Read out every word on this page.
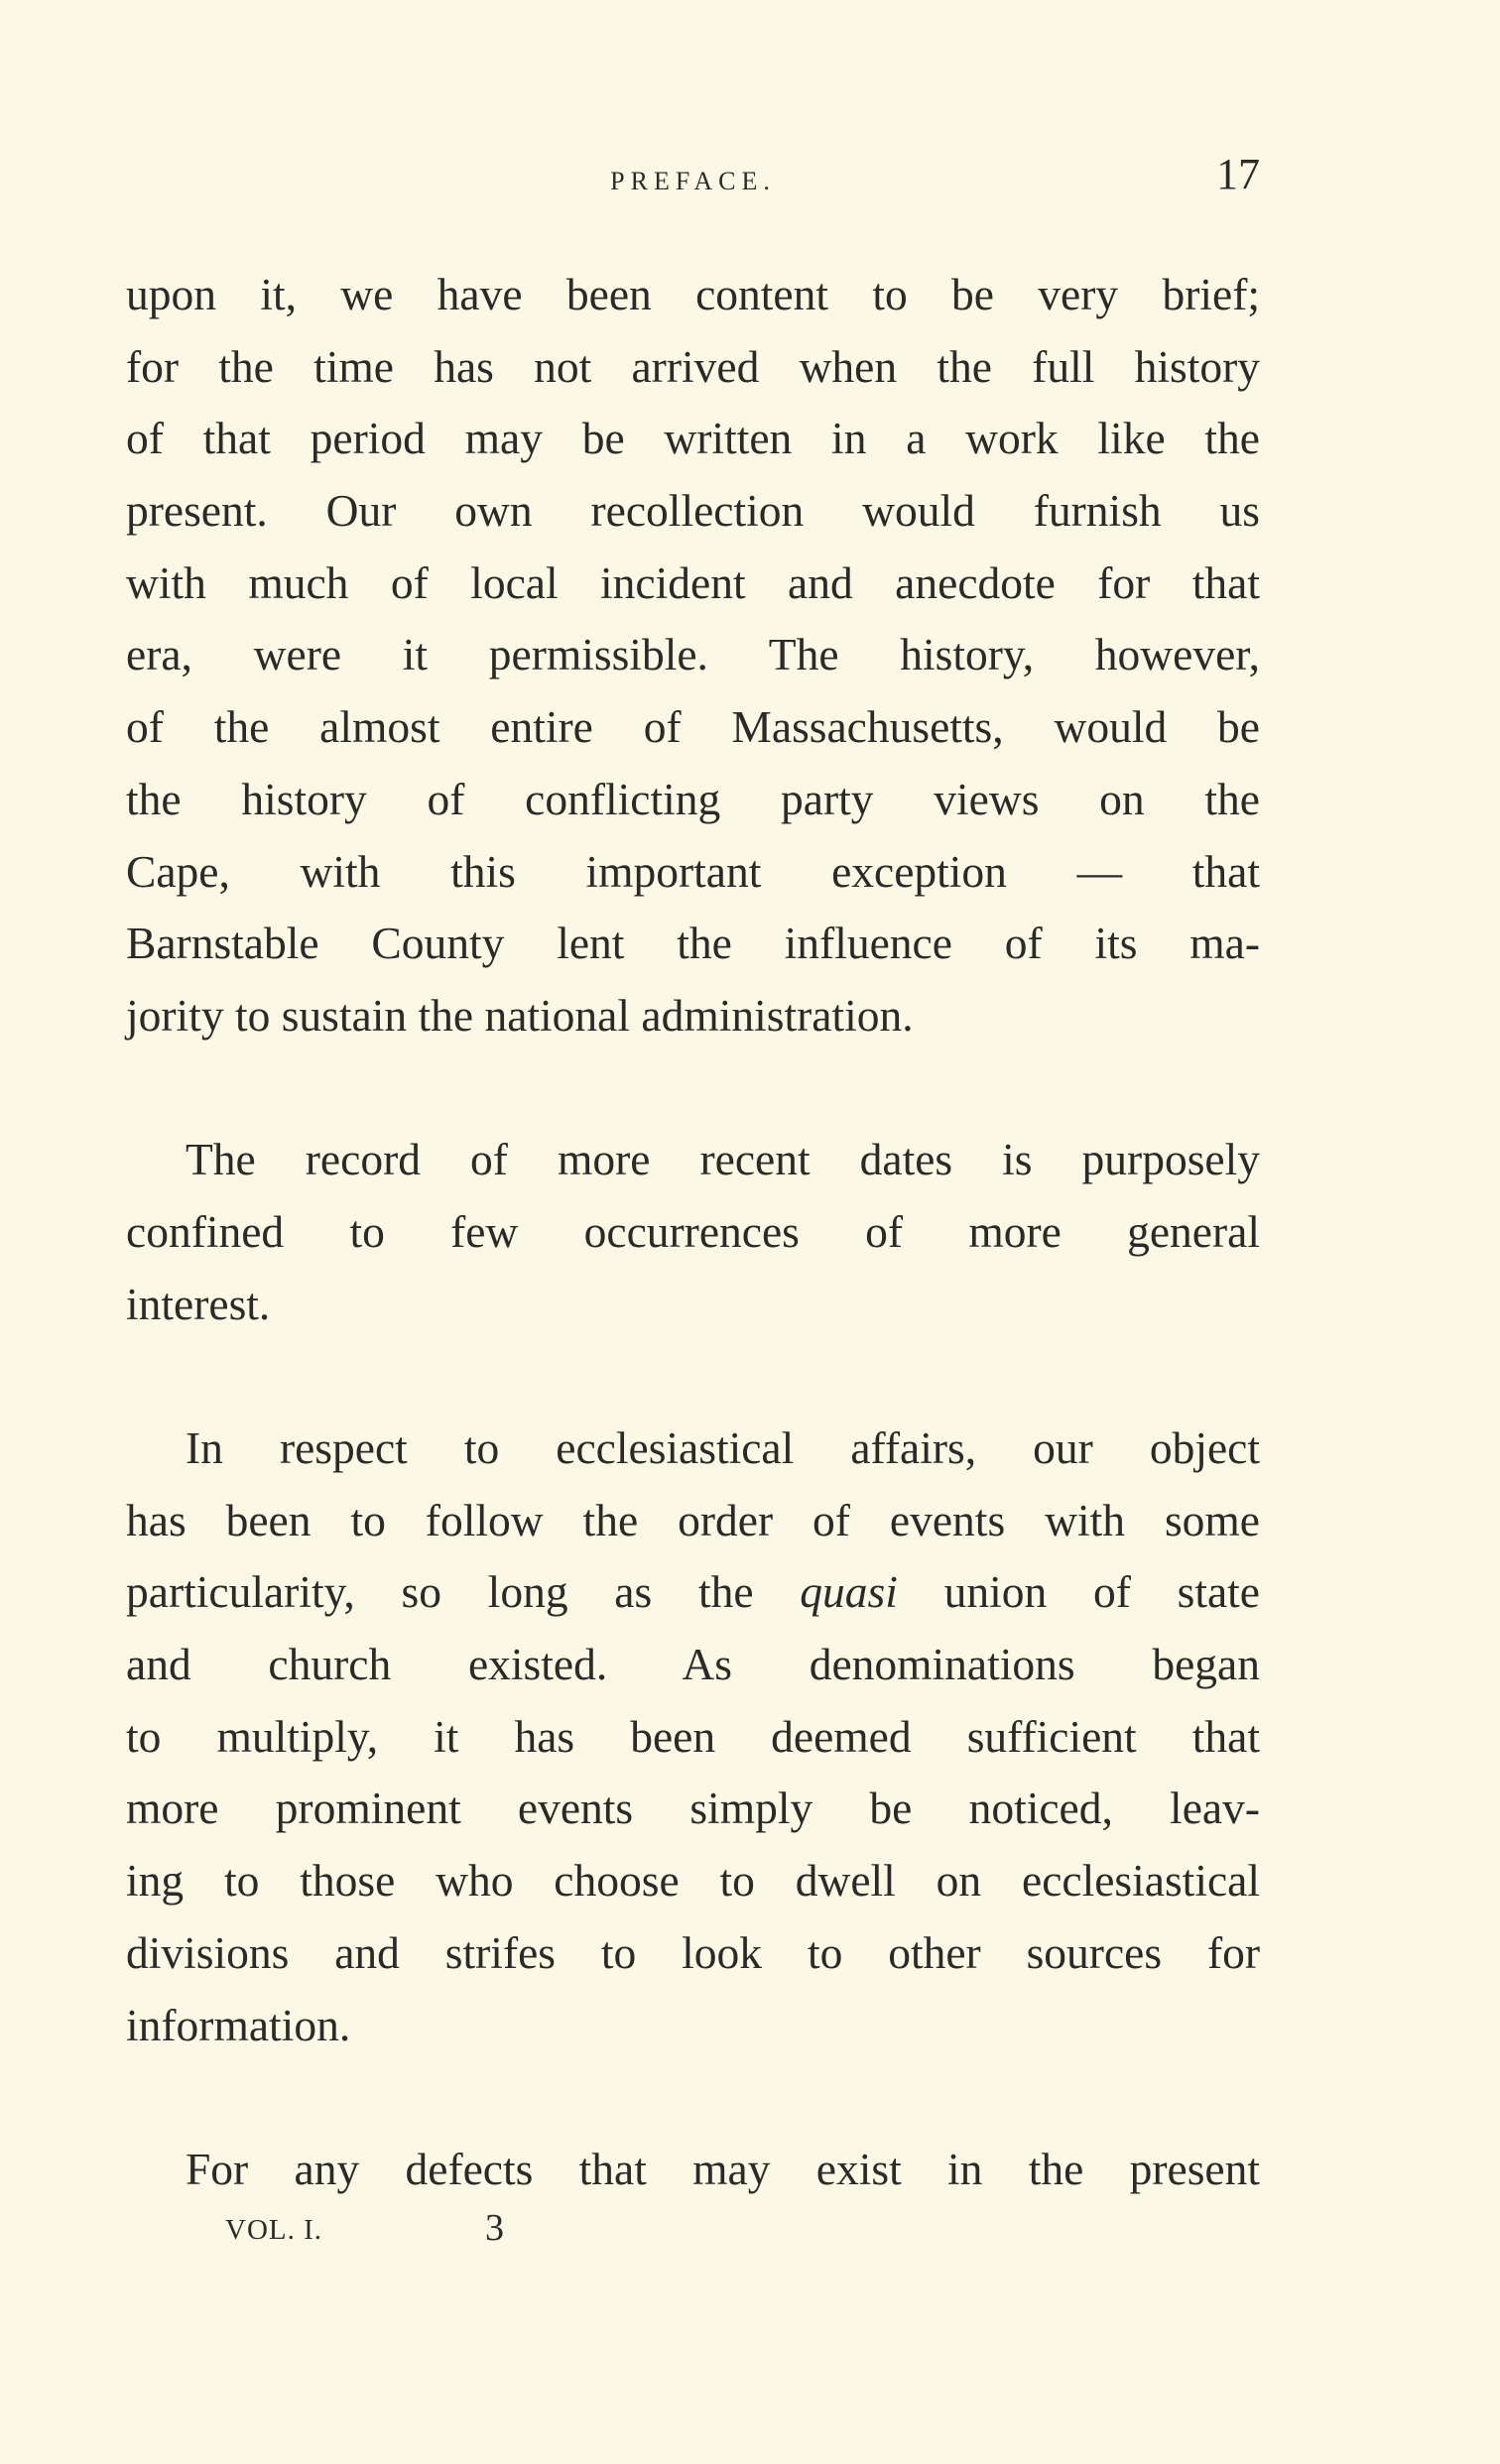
PREFACE.	17
upon it, we have been content to be very brief;
for the time has not arrived when the full history
of that period may be written in a work like the
present. Our own recollection would furnish us
with much of local incident and anecdote for that
era, were it permissible. The history, however,
of the almost entire of Massachusetts, would be
the history of conflicting party views on the
Cape, with this important exception — that
Barnstable County lent the influence of its ma-
jority to sustain the national administration.
The record of more recent dates is purposely
confined to few occurrences of more general
interest.
In respect to ecclesiastical affairs, our object
has been to follow the order of events with some
particularity, so long as the quasi union of state
and church existed. As denominations began
to multiply, it has been deemed sufficient that
more prominent events simply be noticed, leav-
ing to those who choose to dwell on ecclesiastical
divisions and strifes to look to other sources for
information.
For any defects that may exist in the present
VOL. I.	3
